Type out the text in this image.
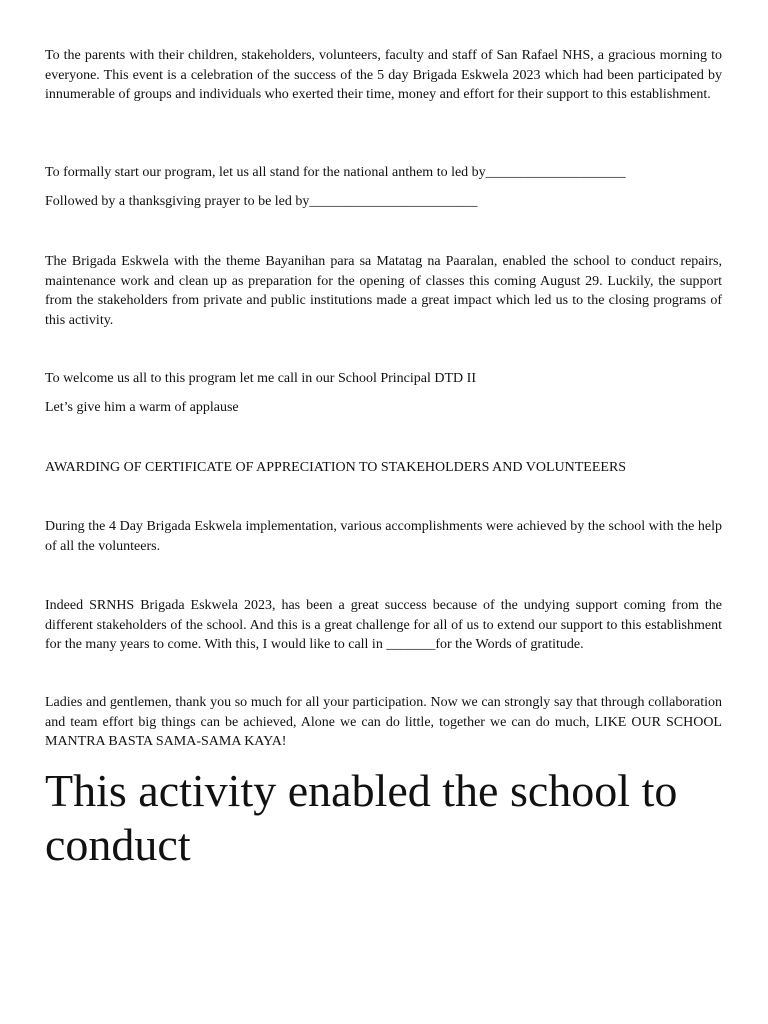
To the parents with their children, stakeholders, volunteers, faculty and staff of San Rafael NHS, a gracious morning to everyone. This event is a celebration of the success of the 5 day Brigada Eskwela 2023 which had been participated by innumerable of groups and individuals who exerted their time, money and effort for their support to this establishment.

To formally start our program, let us all stand for the national anthem to led by____________________

Followed by a thanksgiving prayer to be led by________________________

The Brigada Eskwela with the theme Bayanihan para sa Matatag na Paaralan, enabled the school to conduct repairs, maintenance work and clean up as preparation for the opening of classes this coming August 29. Luckily, the support from the stakeholders from private and public institutions made a great impact which led us to the closing programs of this activity.

To welcome us all to this program let me call in our School Principal DTD II

Let’s give him a warm of applause

AWARDING OF CERTIFICATE OF APPRECIATION TO STAKEHOLDERS AND VOLUNTEEERS

During the 4 Day Brigada Eskwela implementation, various accomplishments were achieved by the school with the help of all the volunteers.

Indeed SRNHS Brigada Eskwela 2023, has been a great success because of the undying support coming from the different stakeholders of the school. And this is a great challenge for all of us to extend our support to this establishment for the many years to come. With this, I would like to call in _______for the Words of gratitude.

Ladies and gentlemen, thank you so much for all your participation. Now we can strongly say that through collaboration and team effort big things can be achieved, Alone we can do little, together we can do much, LIKE OUR SCHOOL MANTRA BASTA SAMA-SAMA KAYA!

This activity enabled the school to conduct
